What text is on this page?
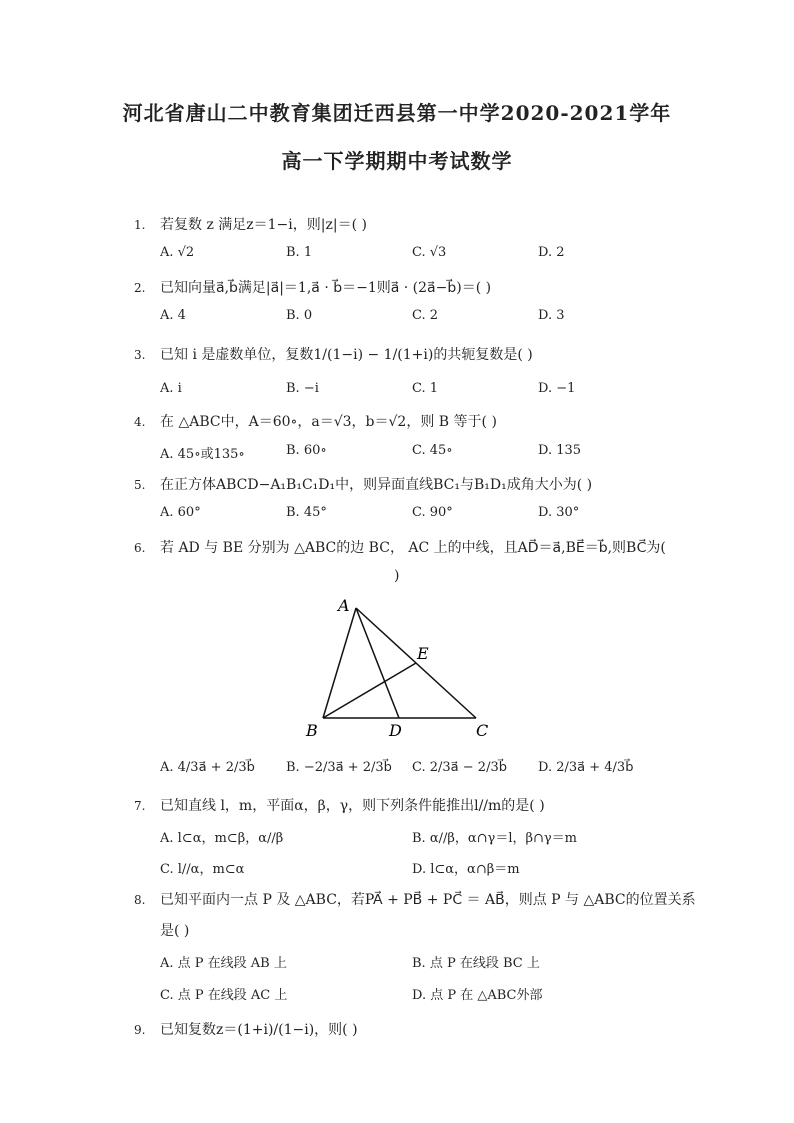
河北省唐山二中教育集团迁西县第一中学2020-2021学年
高一下学期期中考试数学
1. 若复数 z 满足z＝1−i，则|z|＝( )
A. √2	B. 1	C. √3	D. 2
2. 已知向量a⃗,b⃗满足|a⃗|＝1,a⃗ · b⃗＝−1则a⃗ · (2a⃗−b⃗)＝( )
A. 4	B. 0	C. 2	D. 3
3. 已知 i 是虚数单位，复数1/(1−i) − 1/(1+i)的共轭复数是( )
A. i	B. −i	C. 1	D. −1
4. 在 △ABC中，A＝60∘，a＝√3，b＝√2，则 B 等于( )
A. 45∘或135∘	B. 60∘	C. 45∘	D. 135
5. 在正方体ABCD−A₁B₁C₁D₁中，则异面直线BC₁与B₁D₁成角大小为( )
A. 60°	B. 45°	C. 90°	D. 30°
6. 若 AD 与 BE 分别为 △ABC的边 BC， AC 上的中线，且AD⃗＝a⃗,BE⃗＝b⃗,则BC⃗为(
)
A
B	C
D
E
A. 4/3a⃗ + 2/3b⃗ B. −2/3a⃗ + 2/3b⃗ C. 2/3a⃗ − 2/3b⃗ D. 2/3a⃗ + 4/3b⃗
7. 已知直线 l，m，平面α，β，γ，则下列条件能推出l//m的是( )
A. l⊂α，m⊂β，α//β	B. α//β，α∩γ＝l，β∩γ＝m
C. l//α，m⊂α	D. l⊂α，α∩β＝m
8. 已知平面内一点 P 及 △ABC，若PA⃗ + PB⃗ + PC⃗ ＝ AB⃗，则点 P 与 △ABC的位置关系
是( )
A. 点 P 在线段 AB 上	B. 点 P 在线段 BC 上
C. 点 P 在线段 AC 上	D. 点 P 在 △ABC外部
9. 已知复数z＝(1+i)/(1−i)，则( )
